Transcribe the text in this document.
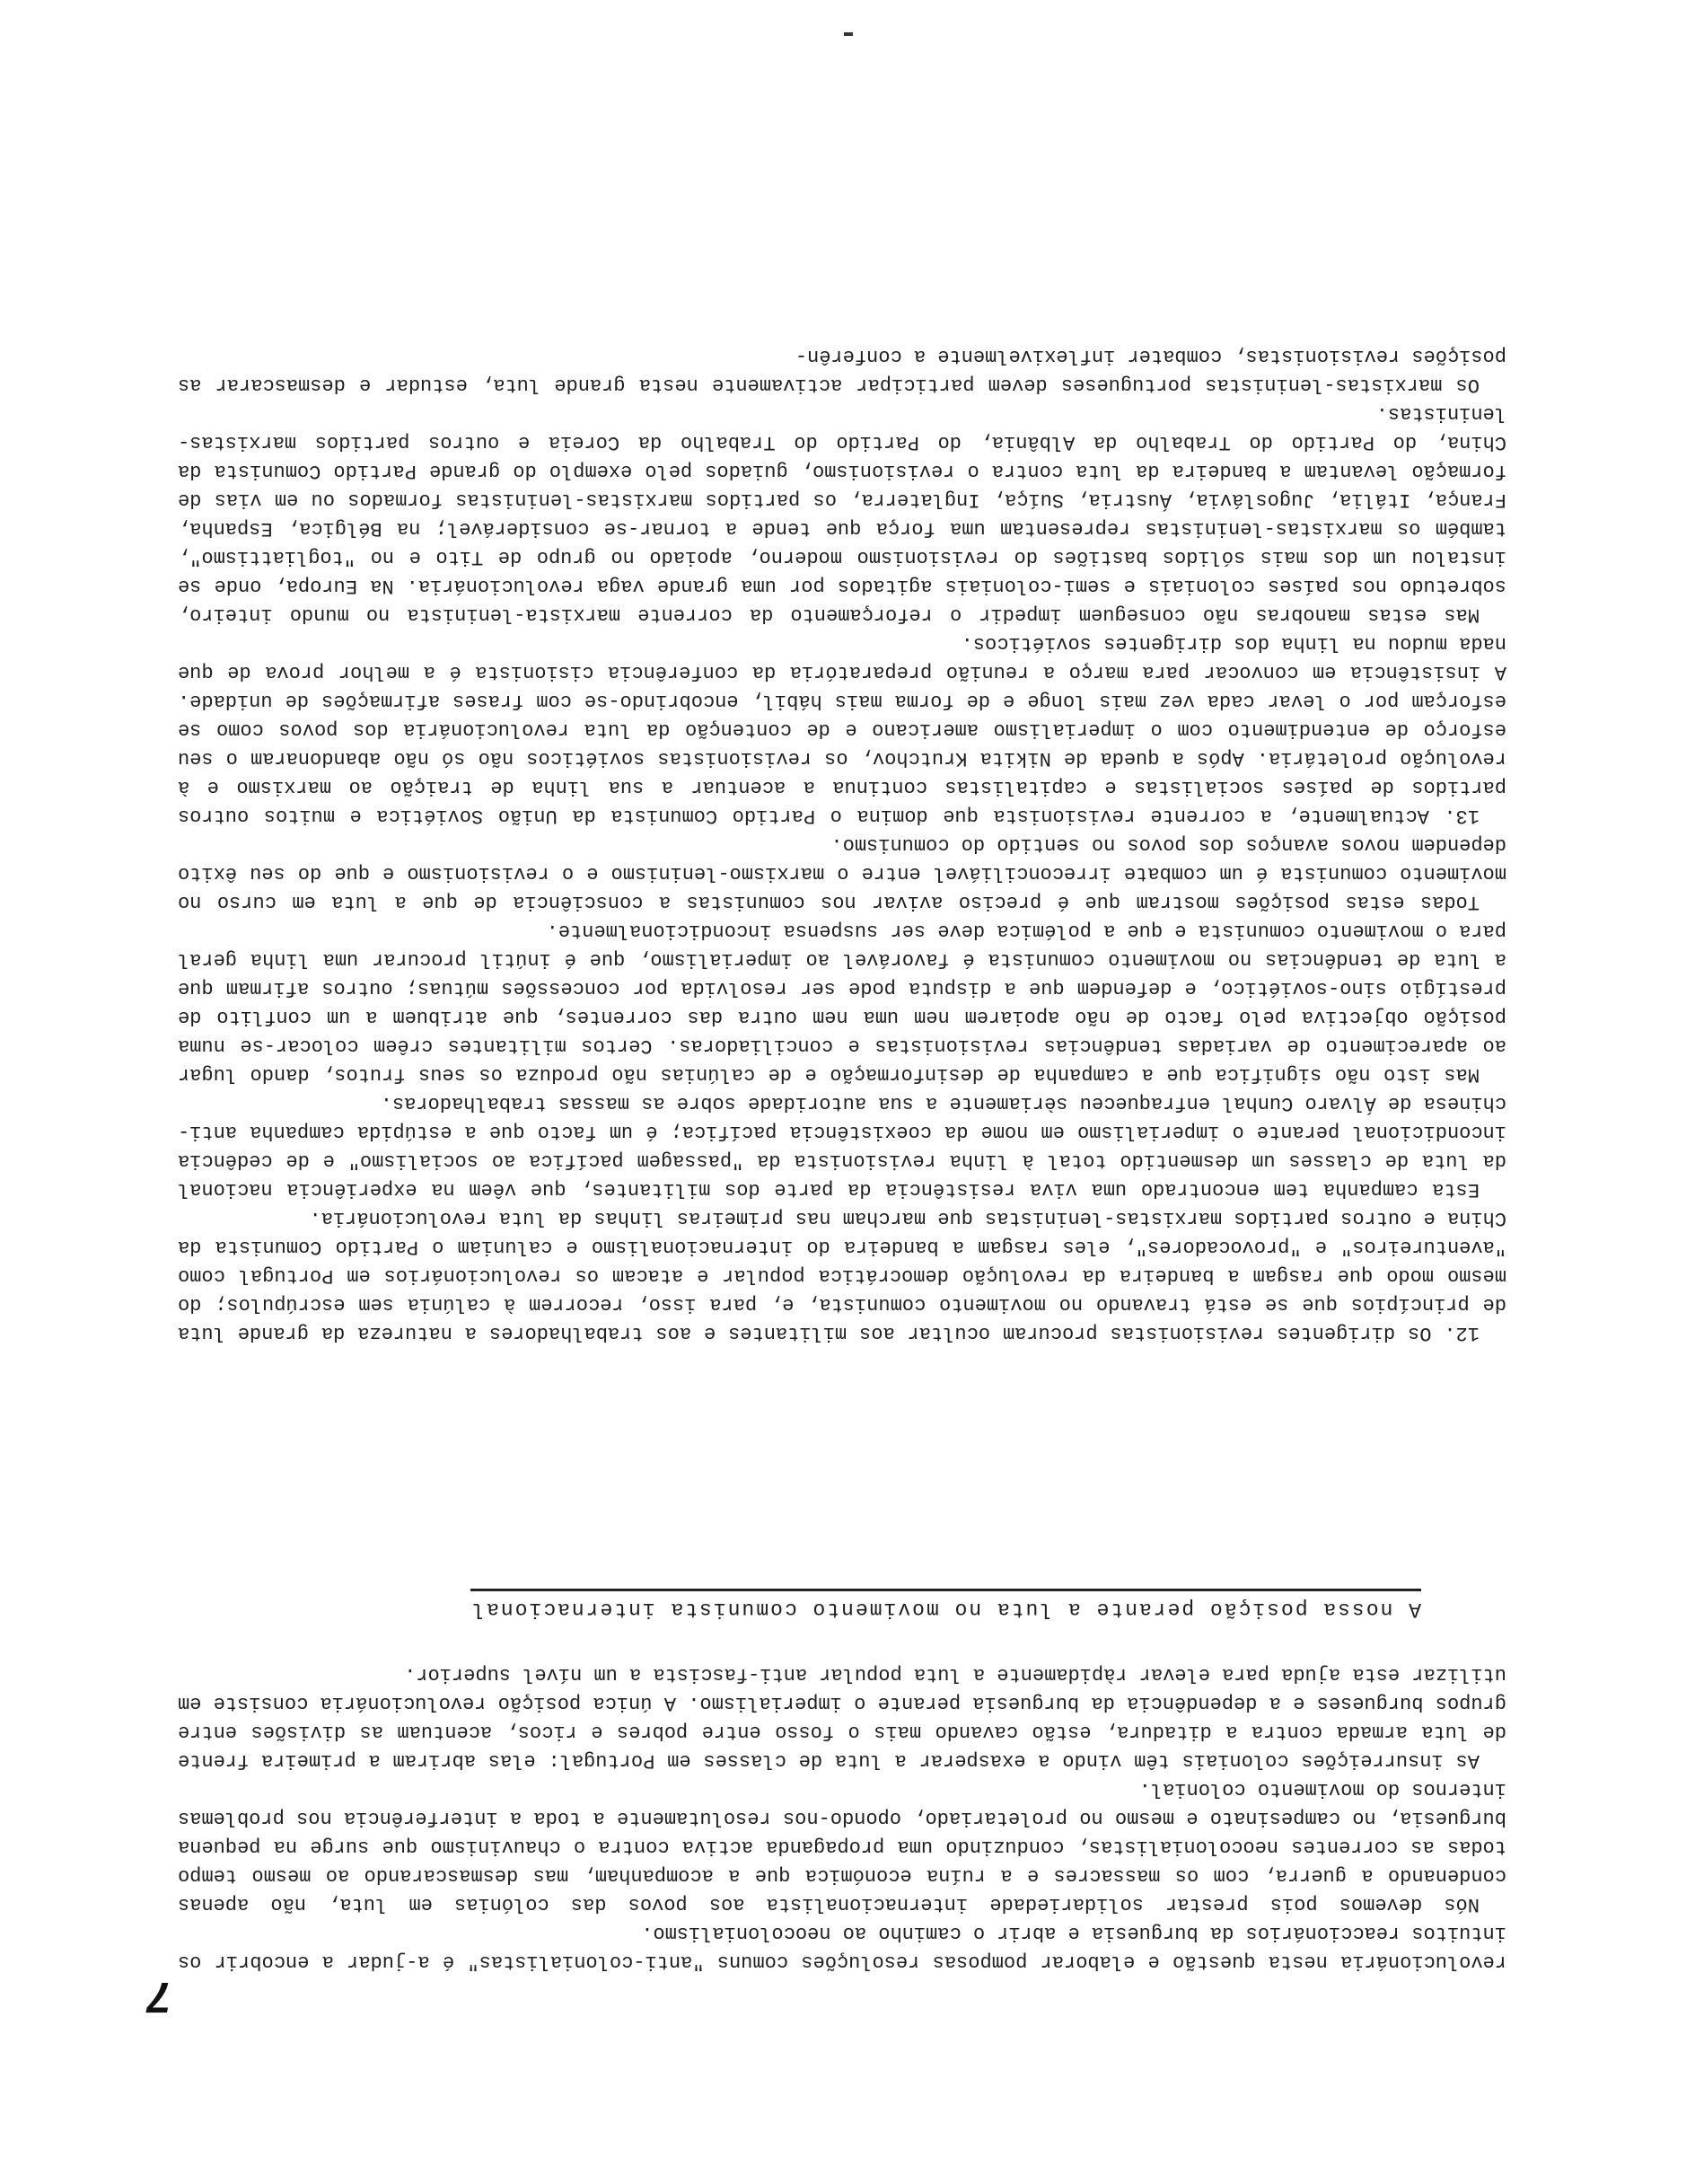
7

revolucionária nesta questão e elaborar pomposas resoluções comuns "anti-colonialistas" é a-judar a encobrir os intuitos reaccionários da burguesia e abrir o caminho ao neocolonialismo.

Nós devemos pois prestar solidariedade internacionalista aos povos das colónias em luta, não apenas condenando a guerra, com os massacres e a ruína económica que a acompanham, mas desmascarando ao mesmo tempo todas as correntes neocolonialistas, conduzindo uma propaganda activa contra o chauvinismo que surge na pequena burguesia, no campesinato e mesmo no proletariado, opondo-nos resolutamente a toda a interferência nos problemas internos do movimento colonial.

As insurreições coloniais têm vindo a exasperar a luta de classes em Portugal: elas abriram a primeira frente de luta armada contra a ditadura, estão cavando mais o fosso entre pobres e ricos, acentuam as divisões entre grupos burgueses e a dependência da burguesia perante o imperialismo. A única posição revolucionária consiste em utilizar esta ajuda para elevar ràpidamente a luta popular anti-fascista a um nível superior.

A nossa posição perante a luta no movimento comunista internacional

12. Os dirigentes revisionistas procuram ocultar aos militantes e aos trabalhadores a natureza da grande luta de princípios que se está travando no movimento comunista, e, para isso, recorrem à calúnia sem escrúpulos; do mesmo modo que rasgam a bandeira da revolução democrática popular e atacam os revolucionários em Portugal como "aventureiros" e "provocadores", eles rasgam a bandeira do internacionalismo e caluniam o Partido Comunista da China e outros partidos marxistas-leninistas que marcham nas primeiras linhas da luta revolucionária.

Esta campanha tem encontrado uma viva resistência da parte dos militantes, que vêem na experiência nacional da luta de classes um desmentido total à linha revisionista da "passagem pacífica ao socialismo" e de cedência incondicional perante o imperialismo em nome da coexistência pacífica; é um facto que a estúpida campanha anti-chinesa de Álvaro Cunhal enfraqueceu sèriamente a sua autoridade sobre as massas trabalhadoras.

Mas isto não significa que a campanha de desinformação e de calúnias não produza os seus frutos, dando lugar ao aparecimento de variadas tendências revisionistas e conciliadoras. Certos militantes crêem colocar-se numa posição objectiva pelo facto de não apoiarem nem uma nem outra das correntes, que atribuem a um conflito de prestígio sino-soviético, e defendem que a disputa pode ser resolvida por concessões mútuas; outros afirmam que a luta de tendências no movimento comunista é favorável ao imperialismo, que é inútil procurar uma linha geral para o movimento comunista e que a polémica deve ser suspensa incondicionalmente.

Todas estas posições mostram que é preciso avivar nos comunistas a consciência de que a luta em curso no movimento comunista é um combate irreconciliável entre o marxismo-leninismo e o revisionismo e que do seu êxito dependem novos avanços dos povos no sentido do comunismo.

13. Actualmente, a corrente revisionista que domina o Partido Comunista da União Soviética e muitos outros partidos de países socialistas e capitalistas continua a acentuar a sua linha de traição ao marxismo e à revolução proletária. Após a queda de Nikita Krutchov, os revisionistas soviéticos não só não abandonaram o seu esforço de entendimento com o imperialismo americano e de contenção da luta revolucionária dos povos como se esforçam por o levar cada vez mais longe e de forma mais hábil, encobrindo-se com frases afirmações de unidade. A insistência em convocar para março a reunião preparatória da conferência cisionista é a melhor prova de que nada mudou na linha dos dirigentes soviéticos.

Mas estas manobras não conseguem impedir o reforçamento da corrente marxista-leninista no mundo inteiro, sobretudo nos países coloniais e semi-coloniais agitados por uma grande vaga revolucionária. Na Europa, onde se instalou um dos mais sólidos bastiões do revisionismo moderno, apoiado no grupo de Tito e no "togliattismo", também os marxistas-leninistas representam uma força que tende a tornar-se considerável; na Bélgica, Espanha, França, Itália, Jugoslávia, Áustria, Suíça, Inglaterra, os partidos marxistas-leninistas formados ou em vias de formação levantam a bandeira da luta contra o revisionismo, guiados pelo exemplo do grande Partido Comunista da China, do Partido do Trabalho da Albânia, do Partido do Trabalho da Coreia e outros partidos marxistas-leninistas.

Os marxistas-leninistas portugueses devem participar activamente nesta grande luta, estudar e desmascarar as posições revisionistas, combater inflexivelmente a conferên-
